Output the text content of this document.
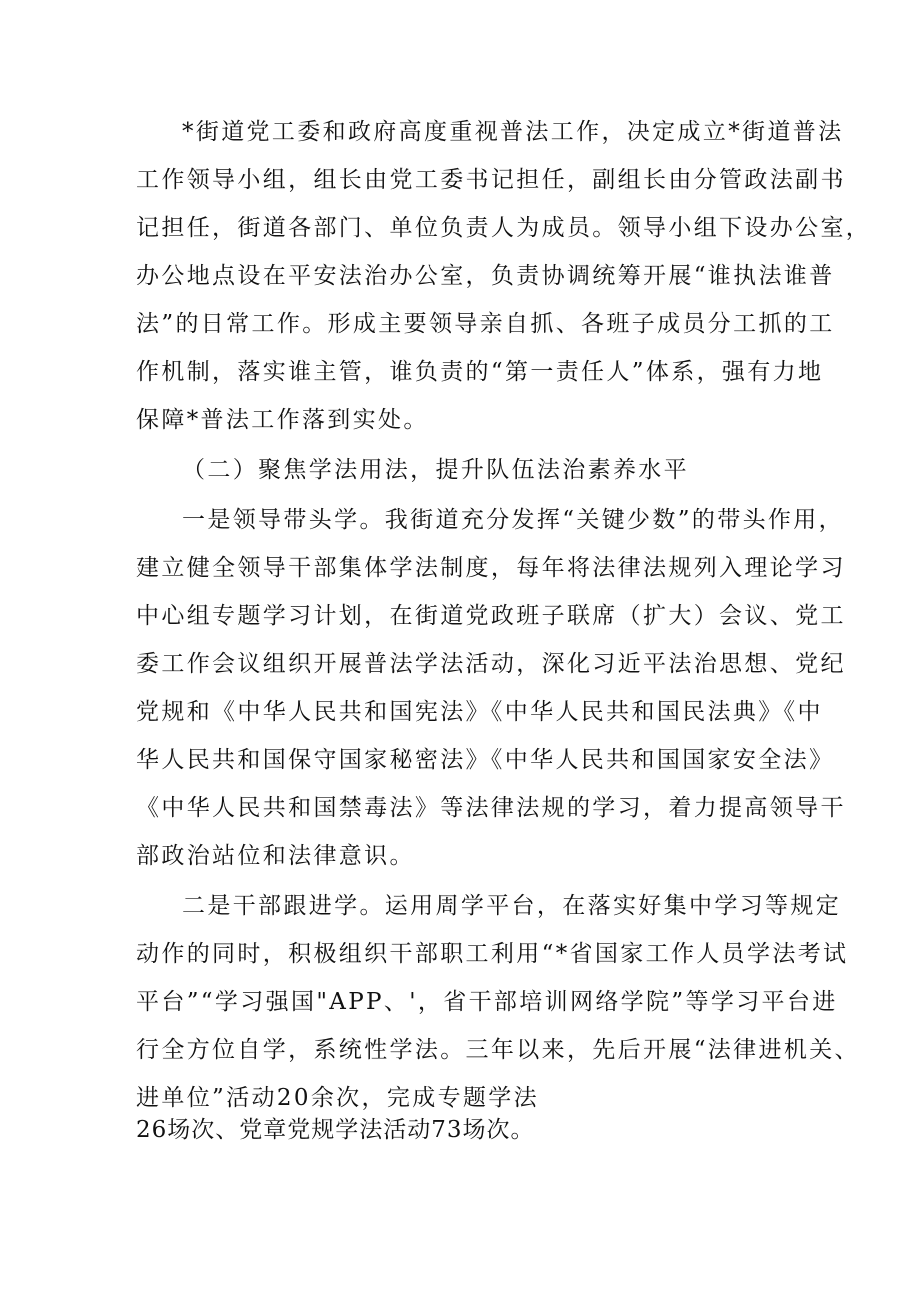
*街道党工委和政府高度重视普法工作，决定成立*街道普法
工作领导小组，组长由党工委书记担任，副组长由分管政法副书
记担任，街道各部门、单位负责人为成员。领导小组下设办公室，
办公地点设在平安法治办公室，负责协调统筹开展“谁执法谁普
法”的日常工作。形成主要领导亲自抓、各班子成员分工抓的工
作机制，落实谁主管，谁负责的“第一责任人”体系，强有力地
保障*普法工作落到实处。
（二）聚焦学法用法，提升队伍法治素养水平
一是领导带头学。我街道充分发挥“关键少数”的带头作用，
建立健全领导干部集体学法制度，每年将法律法规列入理论学习
中心组专题学习计划，在街道党政班子联席（扩大）会议、党工
委工作会议组织开展普法学法活动，深化习近平法治思想、党纪
党规和《中华人民共和国宪法》《中华人民共和国民法典》《中
华人民共和国保守国家秘密法》《中华人民共和国国家安全法》
《中华人民共和国禁毒法》等法律法规的学习，着力提高领导干
部政治站位和法律意识。
二是干部跟进学。运用周学平台，在落实好集中学习等规定
动作的同时，积极组织干部职工利用“*省国家工作人员学法考试
平台”“学习强国"APP、'，省干部培训网络学院”等学习平台进
行全方位自学，系统性学法。三年以来，先后开展“法律进机关、
进单位”活动20余次，完成专题学法
26场次、党章党规学法活动73场次。
